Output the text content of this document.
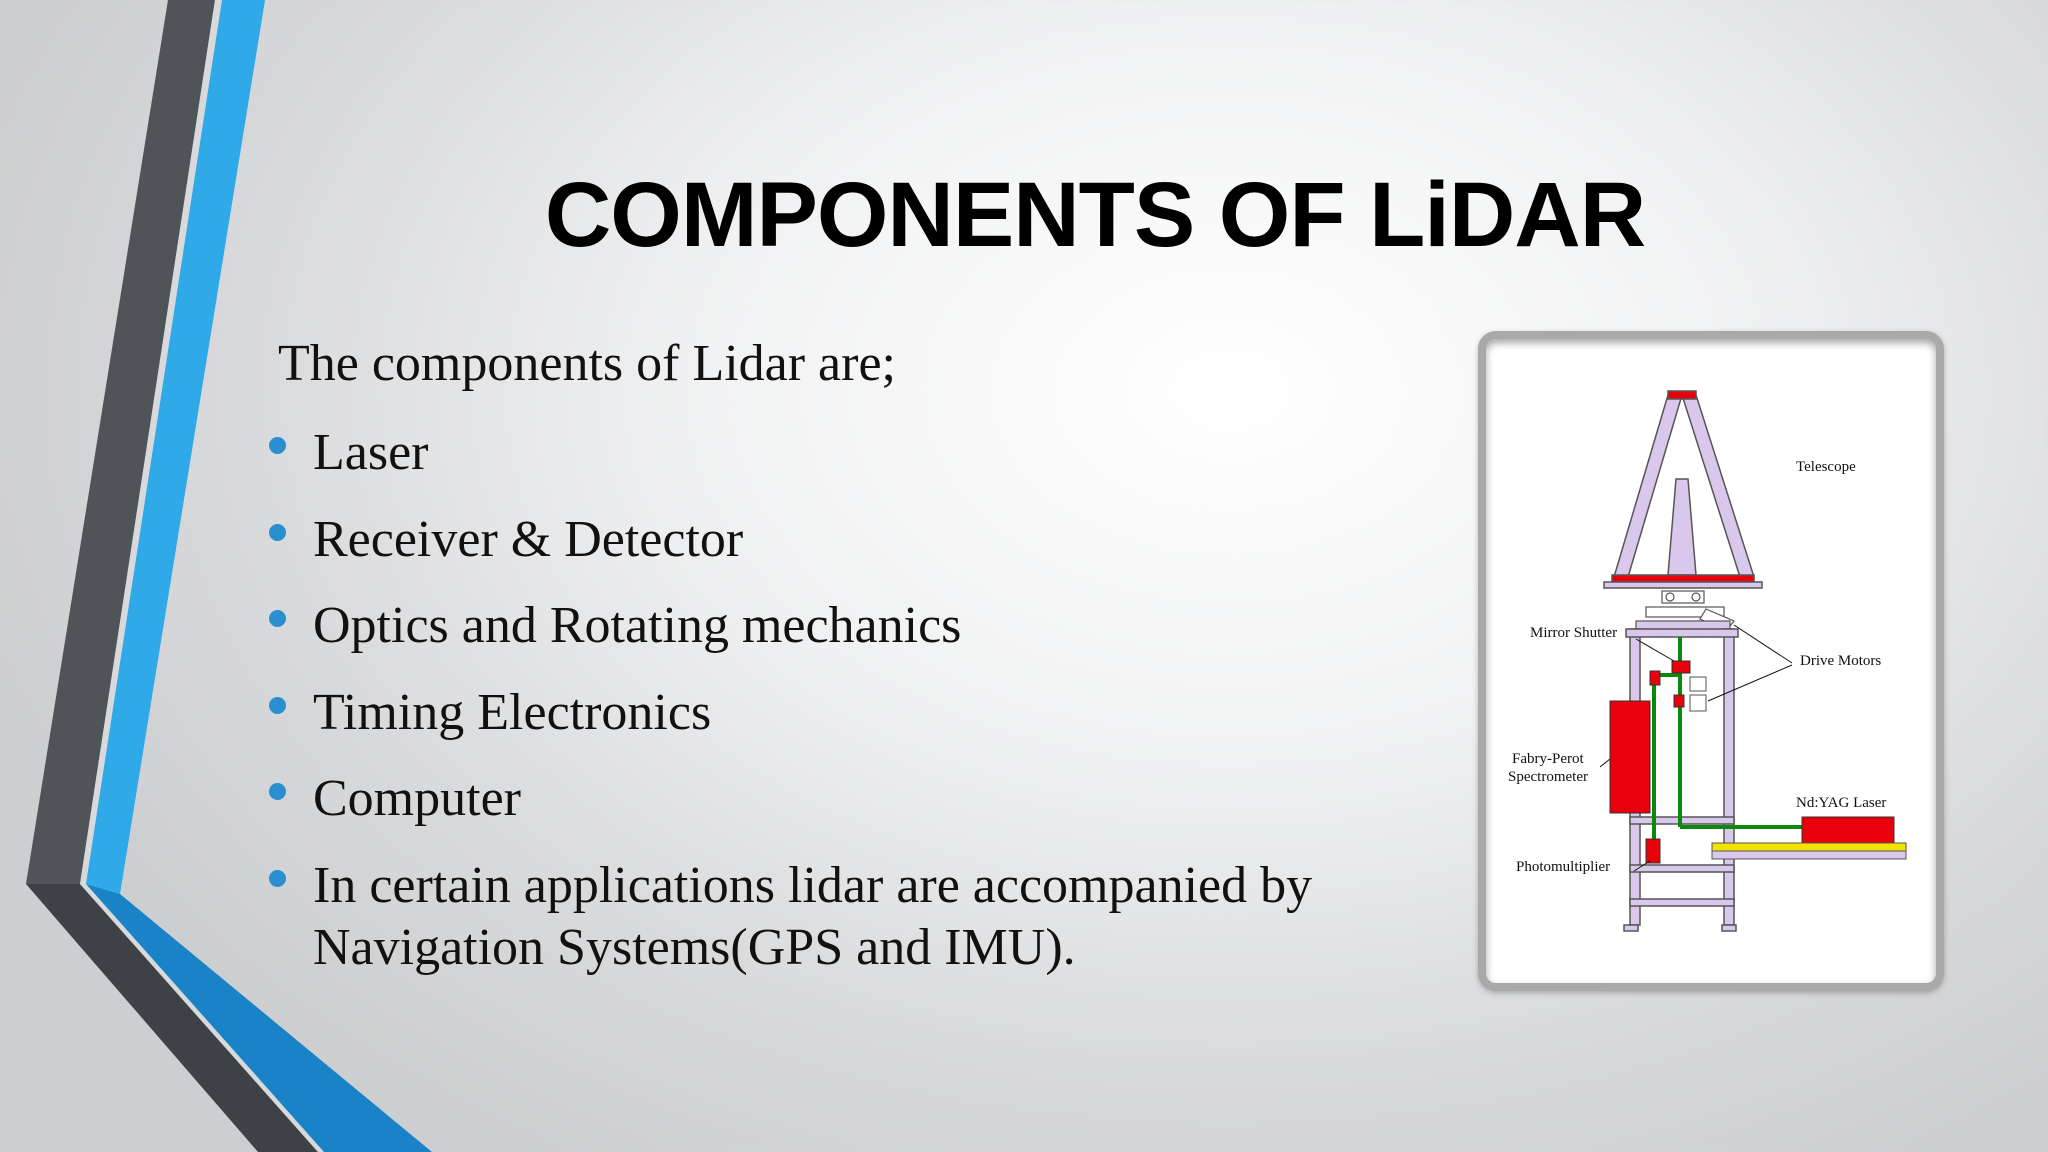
COMPONENTS OF LiDAR

The components of Lidar are;

Laser
Receiver & Detector
Optics and Rotating mechanics
Timing Electronics
Computer
In certain applications lidar are accompanied by Navigation Systems(GPS and IMU).
Telescope
Mirror Shutter
Drive Motors
Fabry-Perot
Spectrometer
Nd:YAG Laser
Photomultiplier
